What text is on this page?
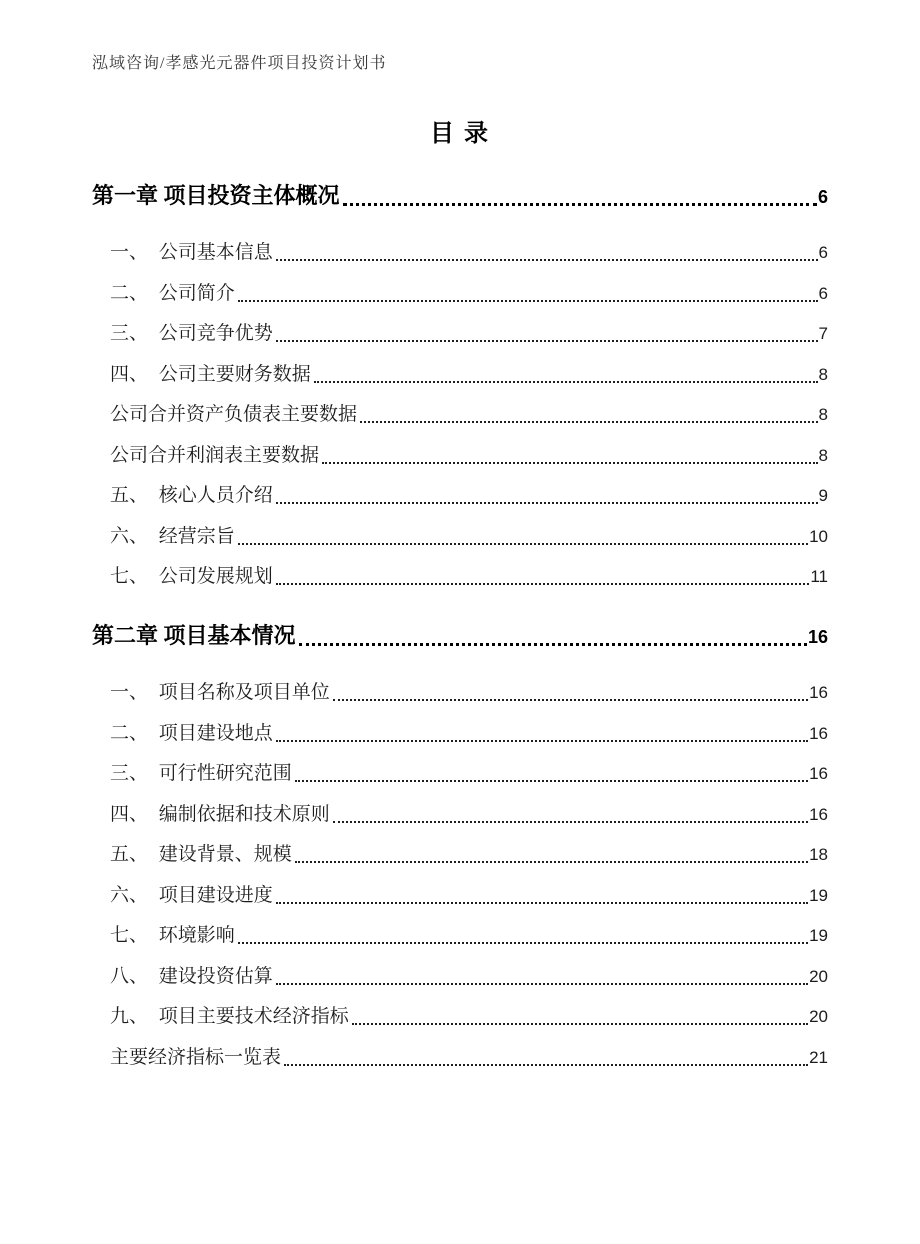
泓域咨询/孝感光元器件项目投资计划书
目 录
第一章 项目投资主体概况	6
一、 公司基本信息	6
二、 公司简介	6
三、 公司竞争优势	7
四、 公司主要财务数据	8
公司合并资产负债表主要数据	8
公司合并利润表主要数据	8
五、 核心人员介绍	9
六、 经营宗旨	10
七、 公司发展规划	11
第二章 项目基本情况	16
一、 项目名称及项目单位	16
二、 项目建设地点	16
三、 可行性研究范围	16
四、 编制依据和技术原则	16
五、 建设背景、规模	18
六、 项目建设进度	19
七、 环境影响	19
八、 建设投资估算	20
九、 项目主要技术经济指标	20
主要经济指标一览表	21
